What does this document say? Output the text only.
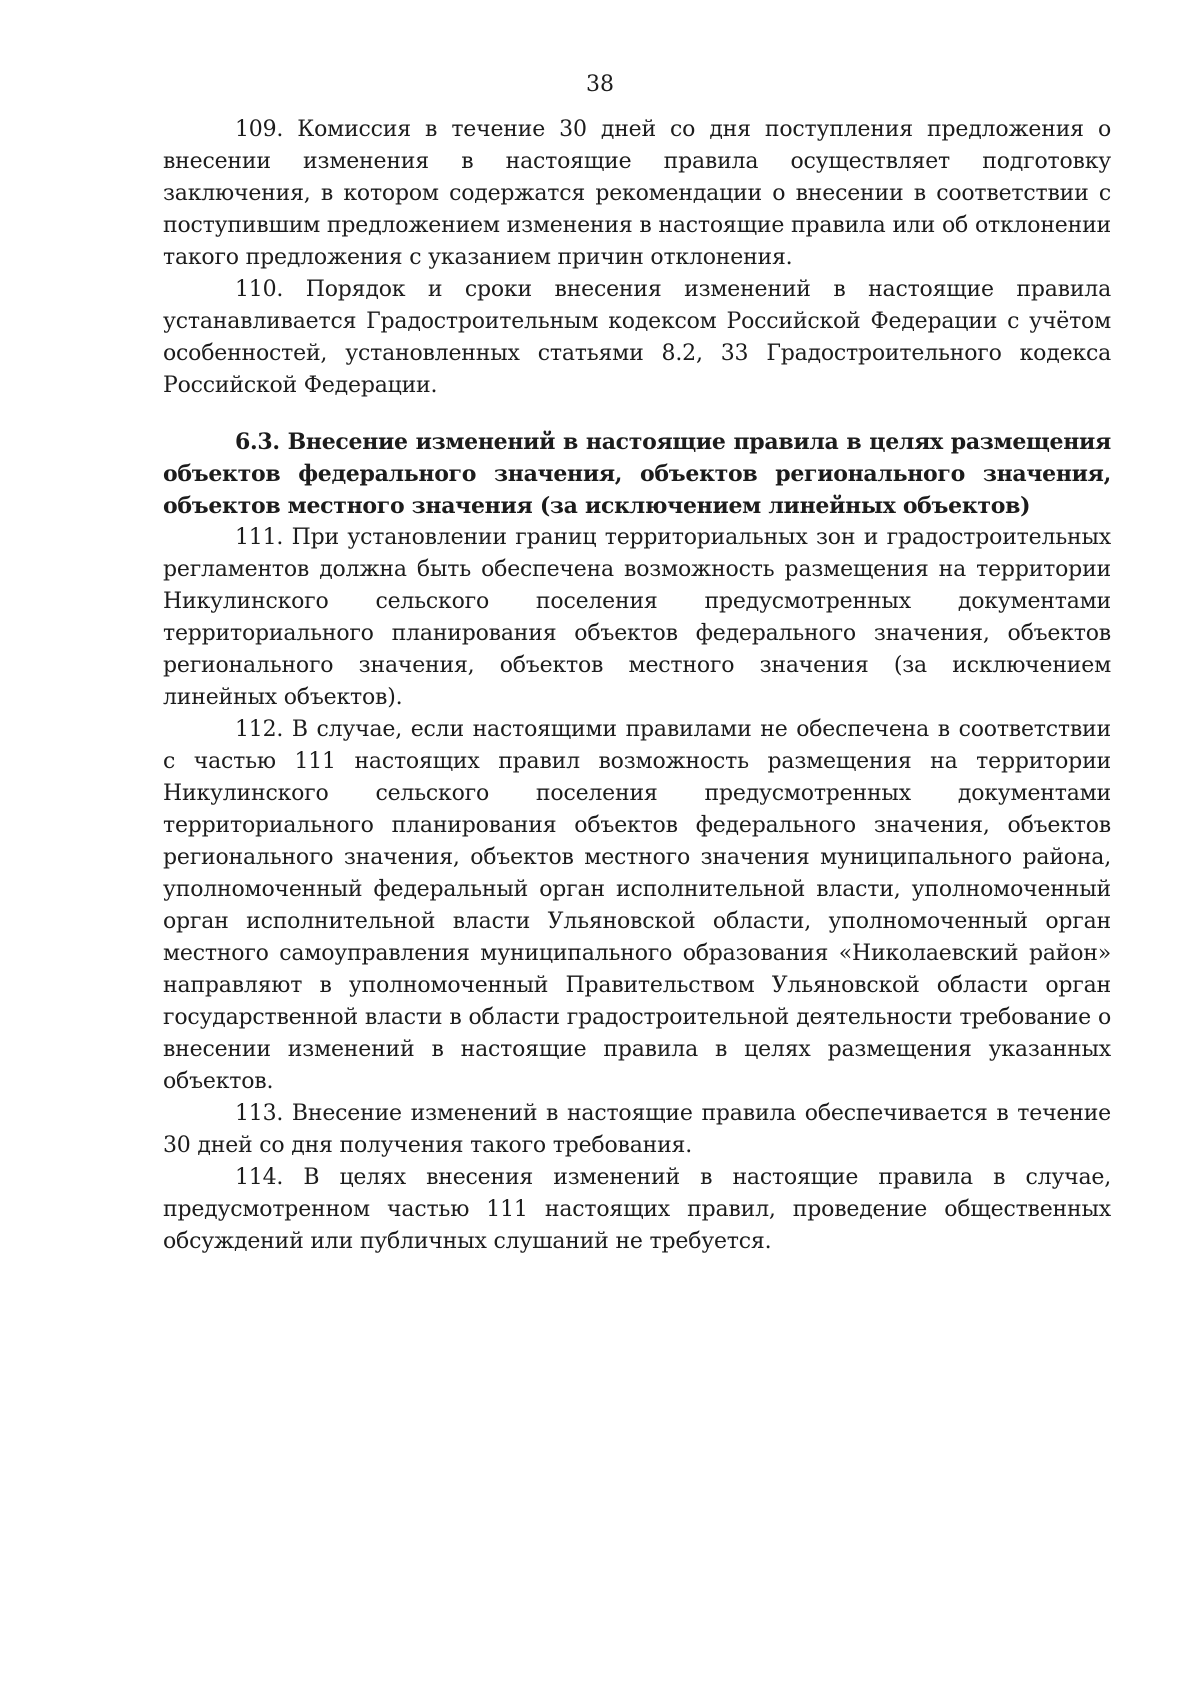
38

109. Комиссия в течение 30 дней со дня поступления предложения о внесении изменения в настоящие правила осуществляет подготовку заключения, в котором содержатся рекомендации о внесении в соответствии с поступившим предложением изменения в настоящие правила или об отклонении такого предложения с указанием причин отклонения.

110. Порядок и сроки внесения изменений в настоящие правила устанавливается Градостроительным кодексом Российской Федерации с учётом особенностей, установленных статьями 8.2, 33 Градостроительного кодекса Российской Федерации.

6.3. Внесение изменений в настоящие правила в целях размещения объектов федерального значения, объектов регионального значения, объектов местного значения (за исключением линейных объектов)

111. При установлении границ территориальных зон и градостроительных регламентов должна быть обеспечена возможность размещения на территории Никулинского сельского поселения предусмотренных документами территориального планирования объектов федерального значения, объектов регионального значения, объектов местного значения (за исключением линейных объектов).

112. В случае, если настоящими правилами не обеспечена в соответствии с частью 111 настоящих правил возможность размещения на территории Никулинского сельского поселения предусмотренных документами территориального планирования объектов федерального значения, объектов регионального значения, объектов местного значения муниципального района, уполномоченный федеральный орган исполнительной власти, уполномоченный орган исполнительной власти Ульяновской области, уполномоченный орган местного самоуправления муниципального образования «Николаевский район» направляют в уполномоченный Правительством Ульяновской области орган государственной власти в области градостроительной деятельности требование о внесении изменений в настоящие правила в целях размещения указанных объектов.

113. Внесение изменений в настоящие правила обеспечивается в течение 30 дней со дня получения такого требования.

114. В целях внесения изменений в настоящие правила в случае, предусмотренном частью 111 настоящих правил, проведение общественных обсуждений или публичных слушаний не требуется.
